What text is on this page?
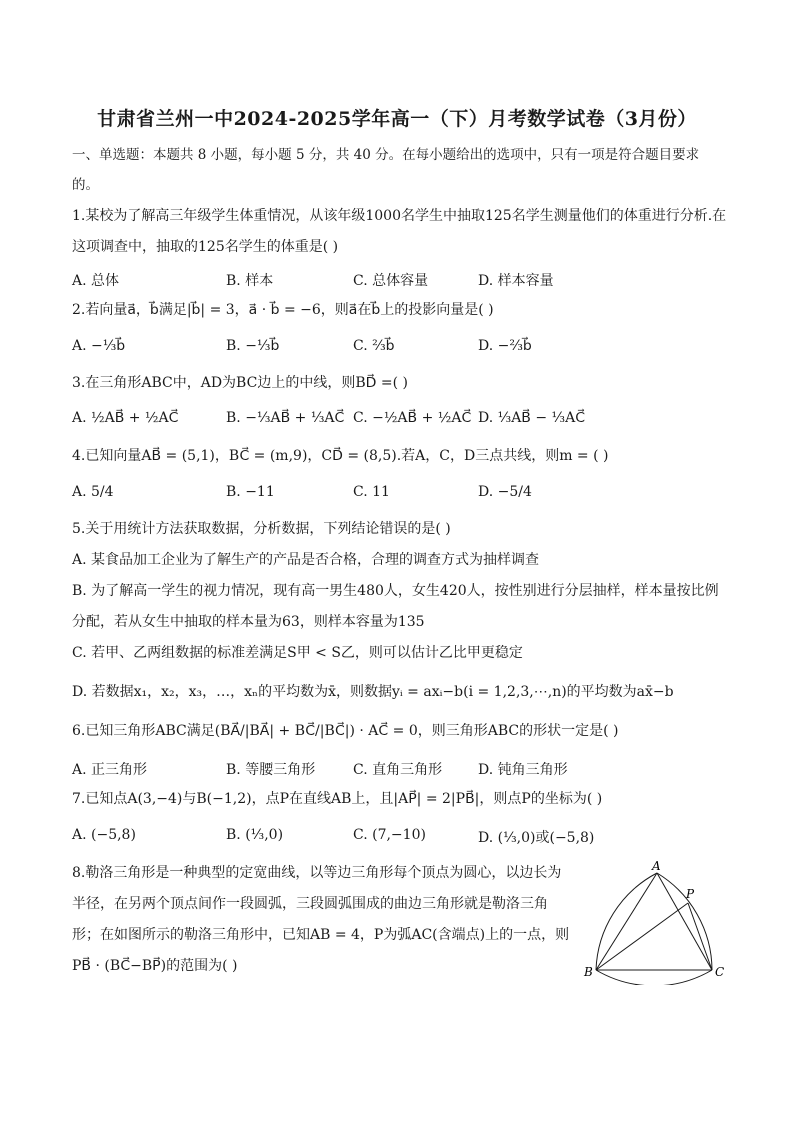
甘肃省兰州一中2024-2025学年高一（下）月考数学试卷（3月份）
一、单选题：本题共 8 小题，每小题 5 分，共 40 分。在每小题给出的选项中，只有一项是符合题目要求
的。
1.某校为了解高三年级学生体重情况，从该年级1000名学生中抽取125名学生测量他们的体重进行分析.在
这项调查中，抽取的125名学生的体重是( )
A. 总体	B. 样本	C. 总体容量	D. 样本容量
2.若向量a⃗，b⃗满足|b⃗| = 3，a⃗ · b⃗ = −6，则a⃗在b⃗上的投影向量是( )
A. −⅓b⃗	B. −⅓b⃗	C. ⅔b⃗	D. −⅔b⃗
3.在三角形ABC中，AD为BC边上的中线，则BD⃗ =( )
A. ½AB⃗ + ½AC⃗	B. −⅓AB⃗ + ⅓AC⃗ C. −½AB⃗ + ½AC⃗ D. ⅓AB⃗ − ⅓AC⃗
4.已知向量AB⃗ = (5,1)，BC⃗ = (m,9)，CD⃗ = (8,5).若A，C，D三点共线，则m = ( )
A. 5/4	B. −11	C. 11	D. −5/4
5.关于用统计方法获取数据，分析数据，下列结论错误的是( )
A. 某食品加工企业为了解生产的产品是否合格，合理的调查方式为抽样调查
B. 为了解高一学生的视力情况，现有高一男生480人，女生420人，按性别进行分层抽样，样本量按比例
分配，若从女生中抽取的样本量为63，则样本容量为135
C. 若甲、乙两组数据的标准差满足S甲 < S乙，则可以估计乙比甲更稳定
D. 若数据x₁，x₂，x₃，…，xₙ的平均数为x̄，则数据yᵢ = axᵢ−b(i = 1,2,3,⋯,n)的平均数为ax̄−b
6.已知三角形ABC满足(BA⃗/|BA⃗| + BC⃗/|BC⃗|) · AC⃗ = 0，则三角形ABC的形状一定是( )
A. 正三角形	B. 等腰三角形	C. 直角三角形	D. 钝角三角形
7.已知点A(3,−4)与B(−1,2)，点P在直线AB上，且|AP⃗| = 2|PB⃗|，则点P的坐标为( )
A. (−5,8)	B. (⅓,0)	C. (7,−10)	D. (⅓,0)或(−5,8)
8.勒洛三角形是一种典型的定宽曲线，以等边三角形每个顶点为圆心，以边长为
半径，在另两个顶点间作一段圆弧，三段圆弧围成的曲边三角形就是勒洛三角
形；在如图所示的勒洛三角形中，已知AB = 4，P为弧AC(含端点)上的一点，则
PB⃗ · (BC⃗−BP⃗)的范围为( )
A
P
B	C
